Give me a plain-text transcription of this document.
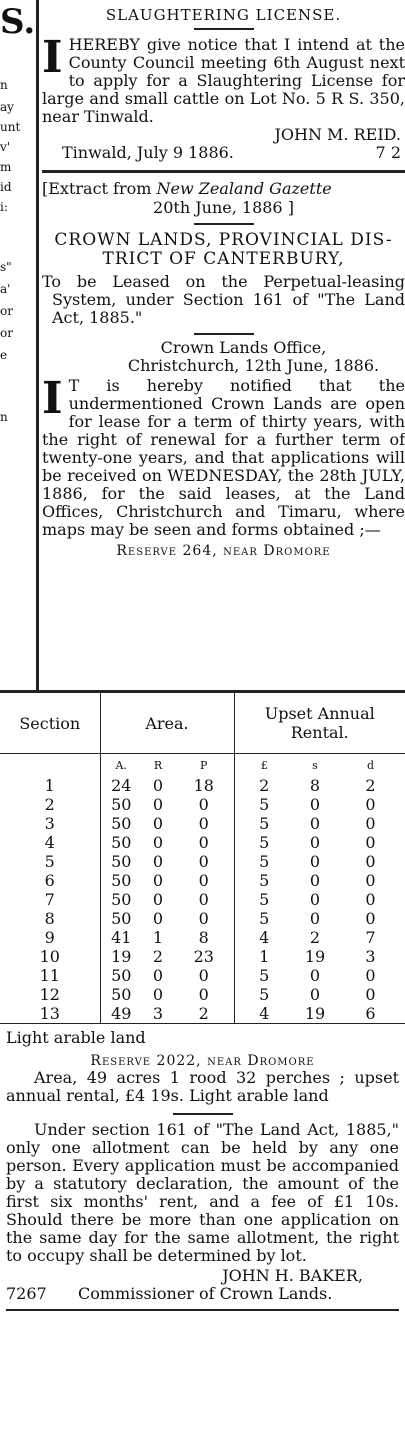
S.
n
ay
unt
v'
m
id
i:
s"
a'
or
or
e
n
SLAUGHTERING LICENSE.
I HEREBY give notice that I intend at the County Council meeting 6th August next to apply for a Slaughtering License for large and small cattle on Lot No. 5 R S. 350, near Tinwald.
JOHN M. REID.
Tinwald, July 9 1886.	7 2
[Extract from New Zealand Gazette
20th June, 1886 ]
CROWN LANDS, PROVINCIAL DIS-
TRICT OF CANTERBURY,
To be Leased on the Perpetual-leasing System, under Section 161 of "The Land Act, 1885."
Crown Lands Office,
Christchurch, 12th June, 1886.
I T is hereby notified that the undermentioned Crown Lands are open for lease for a term of thirty years, with the right of renewal for a further term of twenty-one years, and that applications will be received on WEDNESDAY, the 28th JULY, 1886, for the said leases, at the Land Offices, Christchurch and Timaru, where maps may be seen and forms obtained ;—
Reserve 264, near Dromore
Section	Area.			Upset Annual Rental.		
	A.	R	P	£	s	d
1	24	0	18	2	8	2
2	50	0	0	5	0	0
3	50	0	0	5	0	0
4	50	0	0	5	0	0
5	50	0	0	5	0	0
6	50	0	0	5	0	0
7	50	0	0	5	0	0
8	50	0	0	5	0	0
9	41	1	8	4	2	7
10	19	2	23	1	19	3
11	50	0	0	5	0	0
12	50	0	0	5	0	0
13	49	3	2	4	19	6
Light arable land
Reserve 2022, near Dromore
Area, 49 acres 1 rood 32 perches ; upset annual rental, £4 19s. Light arable land
Under section 161 of "The Land Act, 1885," only one allotment can be held by any one person. Every application must be accompanied by a statutory declaration, the amount of the first six months' rent, and a fee of £1 10s. Should there be more than one application on the same day for the same allotment, the right to occupy shall be determined by lot.
JOHN H. BAKER,
7267	Commissioner of Crown Lands.
